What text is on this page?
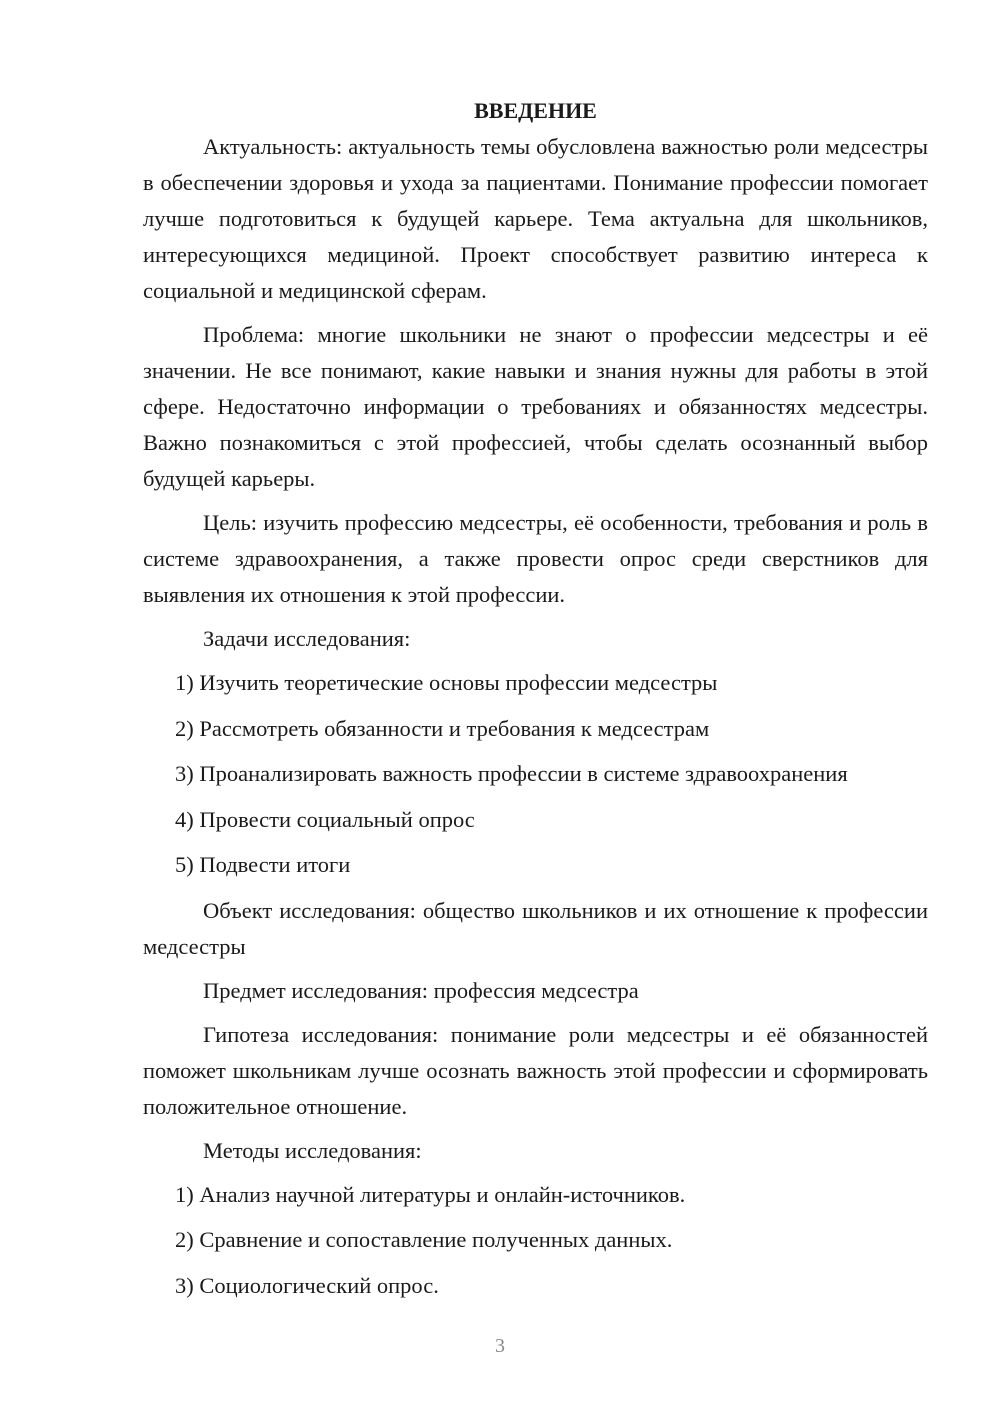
ВВЕДЕНИЕ

Актуальность: актуальность темы обусловлена важностью роли медсестры в обеспечении здоровья и ухода за пациентами. Понимание профессии помогает лучше подготовиться к будущей карьере. Тема актуальна для школьников, интересующихся медициной. Проект способствует развитию интереса к социальной и медицинской сферам.

Проблема: многие школьники не знают о профессии медсестры и её значении. Не все понимают, какие навыки и знания нужны для работы в этой сфере. Недостаточно информации о требованиях и обязанностях медсестры. Важно познакомиться с этой профессией, чтобы сделать осознанный выбор будущей карьеры.

Цель: изучить профессию медсестры, её особенности, требования и роль в системе здравоохранения, а также провести опрос среди сверстников для выявления их отношения к этой профессии.

Задачи исследования:

1) Изучить теоретические основы профессии медсестры
2) Рассмотреть обязанности и требования к медсестрам
3) Проанализировать важность профессии в системе здравоохранения
4) Провести социальный опрос
5) Подвести итоги

Объект исследования: общество школьников и их отношение к профессии медсестры

Предмет исследования: профессия медсестра

Гипотеза исследования: понимание роли медсестры и её обязанностей поможет школьникам лучше осознать важность этой профессии и сформировать положительное отношение.

Методы исследования:

1) Анализ научной литературы и онлайн-источников.
2) Сравнение и сопоставление полученных данных.
3) Социологический опрос.
3
